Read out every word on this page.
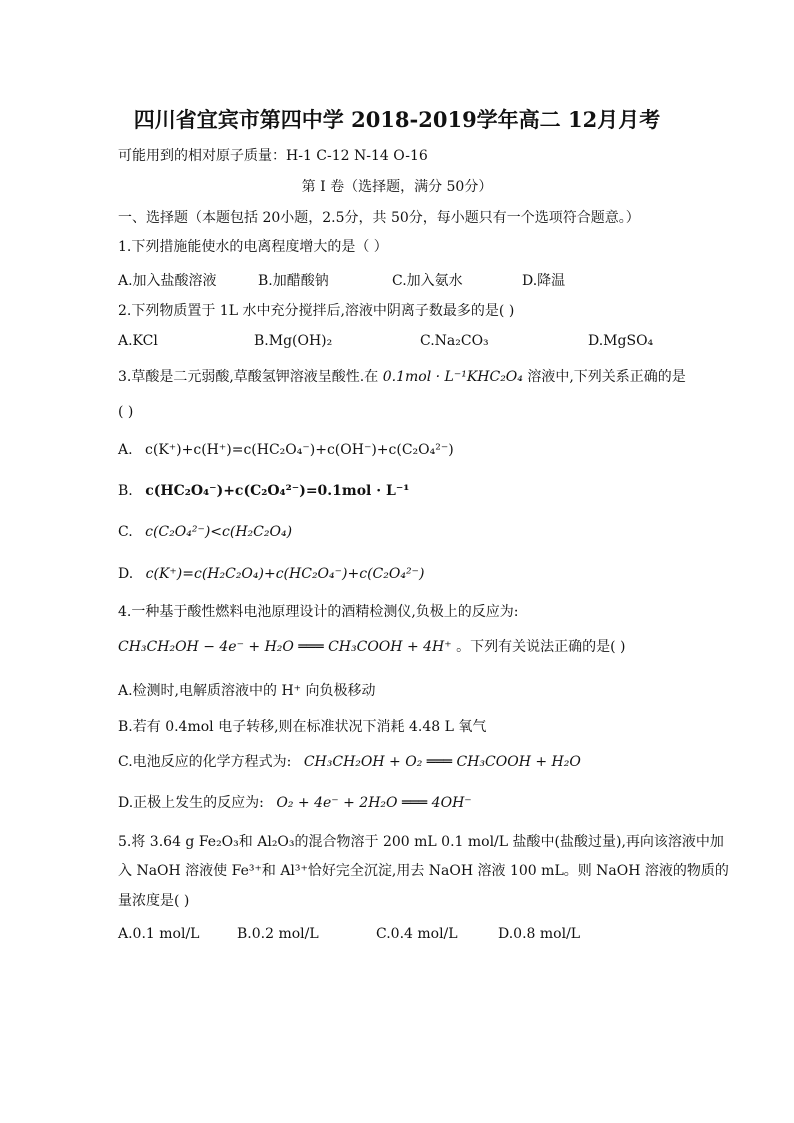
四川省宜宾市第四中学 2018-2019学年高二 12月月考
可能用到的相对原子质量：H-1 C-12 N-14 O-16
第 I 卷（选择题，满分 50分）
一、选择题（本题包括 20小题，2.5分，共 50分，每小题只有一个选项符合题意。）
1.下列措施能使水的电离程度增大的是（ ）
A.加入盐酸溶液	B.加醋酸钠	C.加入氨水	D.降温
2.下列物质置于 1L 水中充分搅拌后,溶液中阴离子数最多的是( )
A.KCl	B.Mg(OH)₂	C.Na₂CO₃	D.MgSO₄
3.草酸是二元弱酸,草酸氢钾溶液呈酸性.在 0.1mol · L⁻¹KHC₂O₄ 溶液中,下列关系正确的是
( )
A. c(K⁺)+c(H⁺)=c(HC₂O₄⁻)+c(OH⁻)+c(C₂O₄²⁻)
B. c(HC₂O₄⁻)+c(C₂O₄²⁻)=0.1mol · L⁻¹
C. c(C₂O₄²⁻)<c(H₂C₂O₄)
D. c(K⁺)=c(H₂C₂O₄)+c(HC₂O₄⁻)+c(C₂O₄²⁻)
4.一种基于酸性燃料电池原理设计的酒精检测仪,负极上的反应为:
CH₃CH₂OH − 4e⁻ + H₂O ═══ CH₃COOH + 4H⁺ 。下列有关说法正确的是( )
A.检测时,电解质溶液中的 H⁺ 向负极移动
B.若有 0.4mol 电子转移,则在标准状况下消耗 4.48 L 氧气
C.电池反应的化学方程式为: CH₃CH₂OH + O₂ ═══ CH₃COOH + H₂O
D.正极上发生的反应为: O₂ + 4e⁻ + 2H₂O ═══ 4OH⁻
5.将 3.64 g Fe₂O₃和 Al₂O₃的混合物溶于 200 mL 0.1 mol/L 盐酸中(盐酸过量),再向该溶液中加
入 NaOH 溶液使 Fe³⁺和 Al³⁺恰好完全沉淀,用去 NaOH 溶液 100 mL。则 NaOH 溶液的物质的
量浓度是( )
A.0.1 mol/L	B.0.2 mol/L	C.0.4 mol/L	D.0.8 mol/L
